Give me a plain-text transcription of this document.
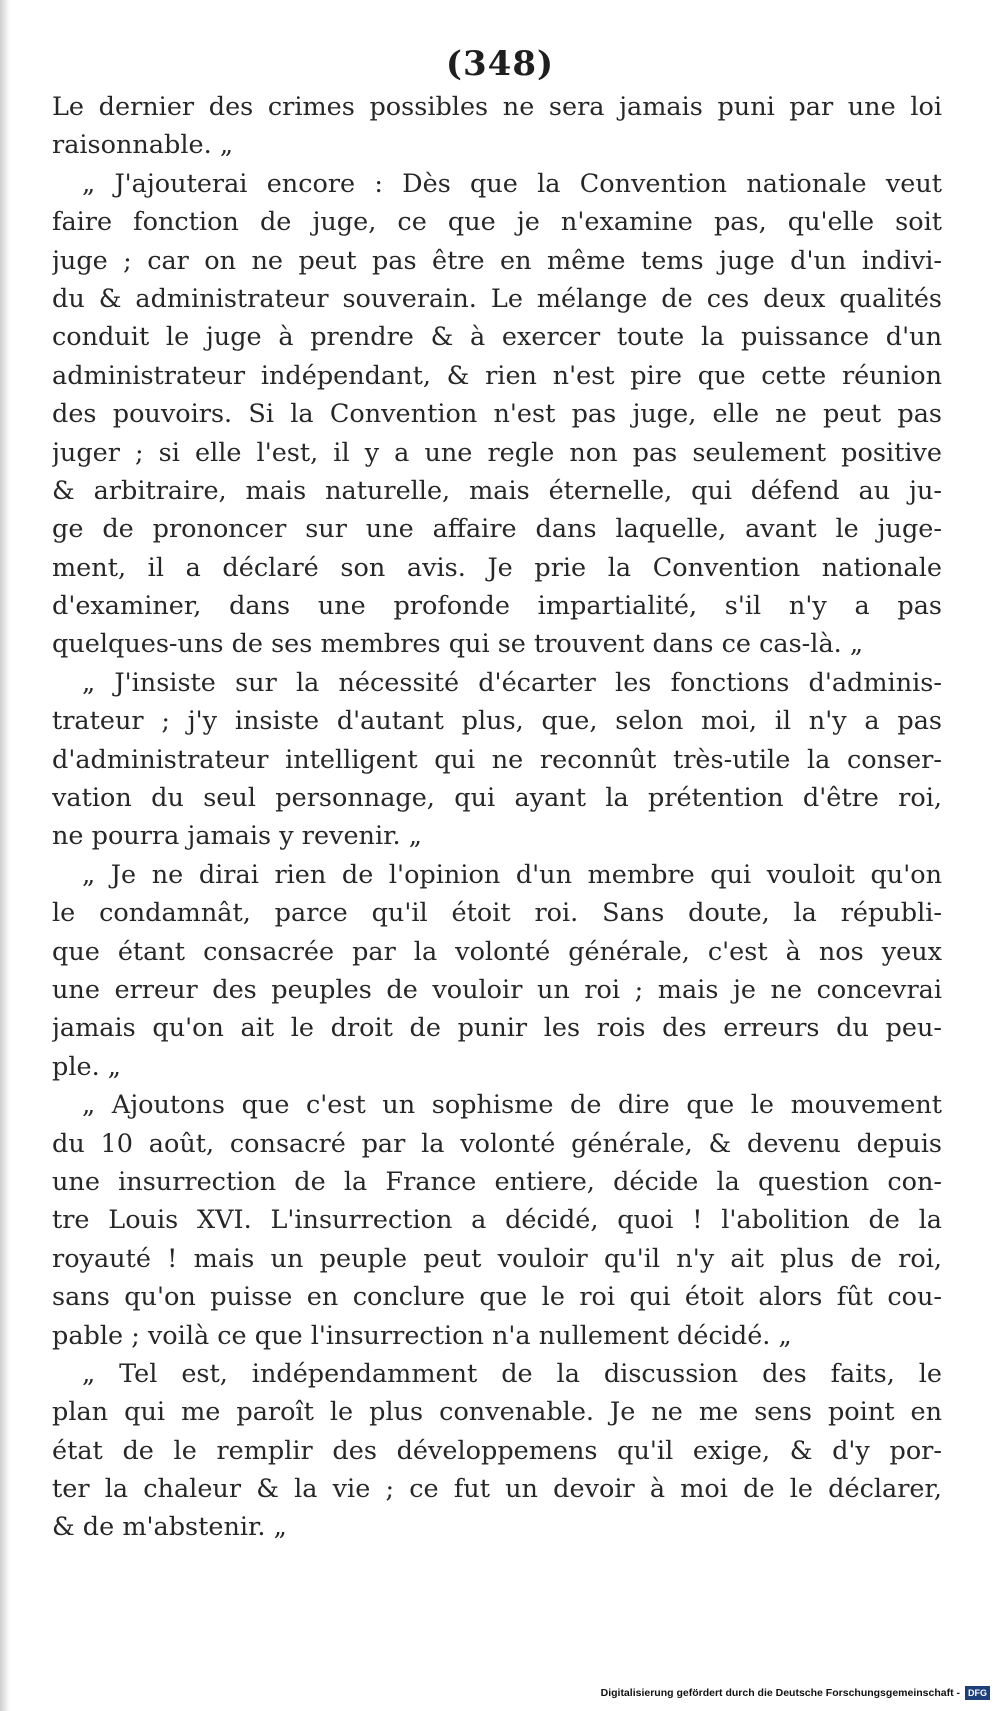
(348)
Le dernier des crimes possibles ne sera jamais puni par une loi
raisonnable. „
„ J'ajouterai encore : Dès que la Convention nationale veut
faire fonction de juge, ce que je n'examine pas, qu'elle soit
juge ; car on ne peut pas être en même tems juge d'un indivi-
du & administrateur souverain. Le mélange de ces deux qualités
conduit le juge à prendre & à exercer toute la puissance d'un
administrateur indépendant, & rien n'est pire que cette réunion
des pouvoirs. Si la Convention n'est pas juge, elle ne peut pas
juger ; si elle l'est, il y a une regle non pas seulement positive
& arbitraire, mais naturelle, mais éternelle, qui défend au ju-
ge de prononcer sur une affaire dans laquelle, avant le juge-
ment, il a déclaré son avis. Je prie la Convention nationale
d'examiner, dans une profonde impartialité, s'il n'y a pas
quelques-uns de ses membres qui se trouvent dans ce cas-là. „
„ J'insiste sur la nécessité d'écarter les fonctions d'adminis-
trateur ; j'y insiste d'autant plus, que, selon moi, il n'y a pas
d'administrateur intelligent qui ne reconnût très-utile la conser-
vation du seul personnage, qui ayant la prétention d'être roi,
ne pourra jamais y revenir. „
„ Je ne dirai rien de l'opinion d'un membre qui vouloit qu'on
le condamnât, parce qu'il étoit roi. Sans doute, la républi-
que étant consacrée par la volonté générale, c'est à nos yeux
une erreur des peuples de vouloir un roi ; mais je ne concevrai
jamais qu'on ait le droit de punir les rois des erreurs du peu-
ple. „
„ Ajoutons que c'est un sophisme de dire que le mouvement
du 10 août, consacré par la volonté générale, & devenu depuis
une insurrection de la France entiere, décide la question con-
tre Louis XVI. L'insurrection a décidé, quoi ! l'abolition de la
royauté ! mais un peuple peut vouloir qu'il n'y ait plus de roi,
sans qu'on puisse en conclure que le roi qui étoit alors fût cou-
pable ; voilà ce que l'insurrection n'a nullement décidé. „
„ Tel est, indépendamment de la discussion des faits, le
plan qui me paroît le plus convenable. Je ne me sens point en
état de le remplir des développemens qu'il exige, & d'y por-
ter la chaleur & la vie ; ce fut un devoir à moi de le déclarer,
& de m'abstenir. „
Digitalisierung gefördert durch die Deutsche Forschungsgemeinschaft - DFG
